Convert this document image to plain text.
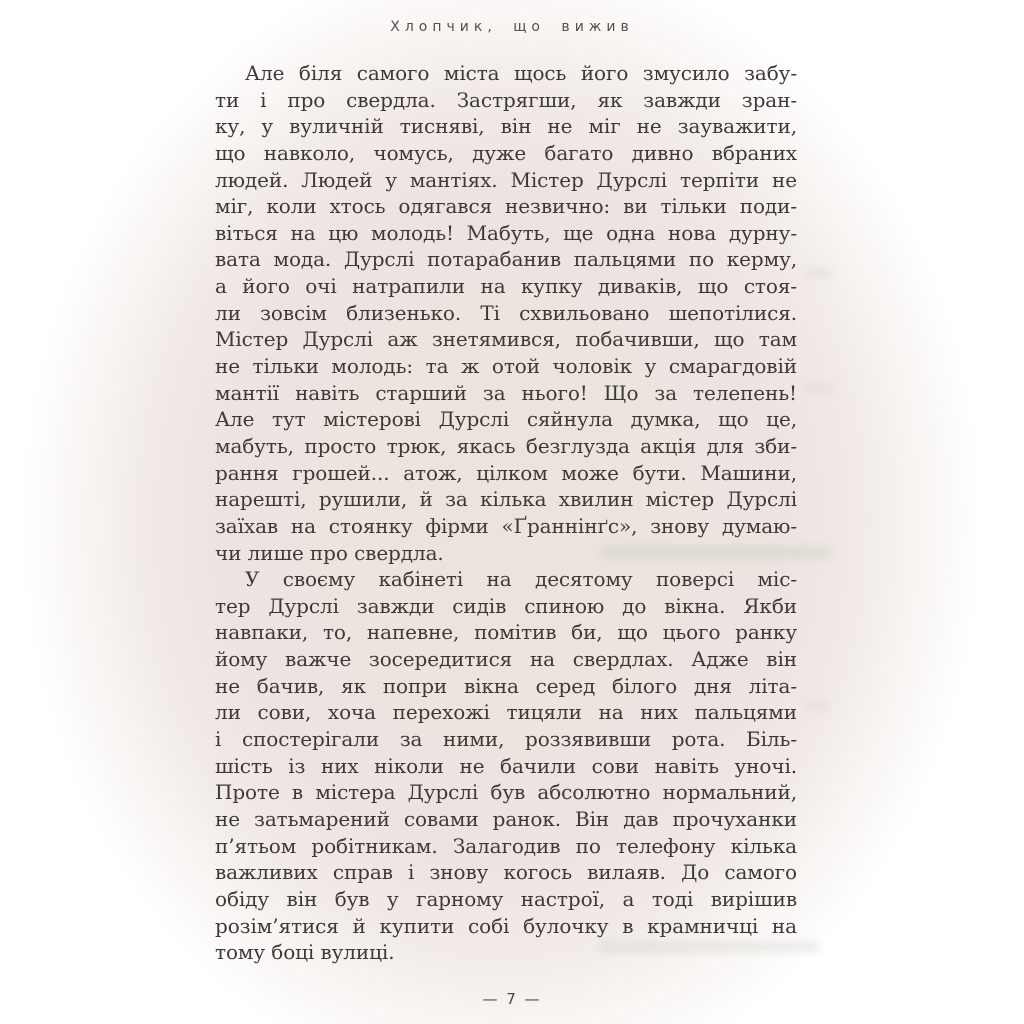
Хлопчик, що вижив
Але біля самого міста щось його змусило забу-
ти і про свердла. Застрягши, як завжди зран-
ку, у вуличній тисняві, він не міг не зауважити,
що навколо, чомусь, дуже багато дивно вбраних
людей. Людей у мантіях. Містер Дурслі терпіти не
міг, коли хтось одягався незвично: ви тільки поди-
віться на цю молодь! Мабуть, ще одна нова дурну-
вата мода. Дурслі потарабанив пальцями по керму,
а його очі натрапили на купку диваків, що стоя-
ли зовсім близенько. Ті схвильовано шепотілися.
Містер Дурслі аж знетямився, побачивши, що там
не тільки молодь: та ж отой чоловік у смарагдовій
мантії навіть старший за нього! Що за телепень!
Але тут містерові Дурслі сяйнула думка, що це,
мабуть, просто трюк, якась безглузда акція для зби-
рання грошей... атож, цілком може бути. Машини,
нарешті, рушили, й за кілька хвилин містер Дурслі
заїхав на стоянку фірми «Ґраннінґс», знову думаю-
чи лише про свердла.
У своєму кабінеті на десятому поверсі міс-
тер Дурслі завжди сидів спиною до вікна. Якби
навпаки, то, напевне, помітив би, що цього ранку
йому важче зосередитися на свердлах. Адже він
не бачив, як попри вікна серед білого дня літа-
ли сови, хоча перехожі тицяли на них пальцями
і спостерігали за ними, роззявивши рота. Біль-
шість із них ніколи не бачили сови навіть уночі.
Проте в містера Дурслі був абсолютно нормальний,
не затьмарений совами ранок. Він дав прочуханки
п’ятьом робітникам. Залагодив по телефону кілька
важливих справ і знову когось вилаяв. До самого
обіду він був у гарному настрої, а тоді вирішив
розім’ятися й купити собі булочку в крамничці на
тому боці вулиці.
— 7 —
